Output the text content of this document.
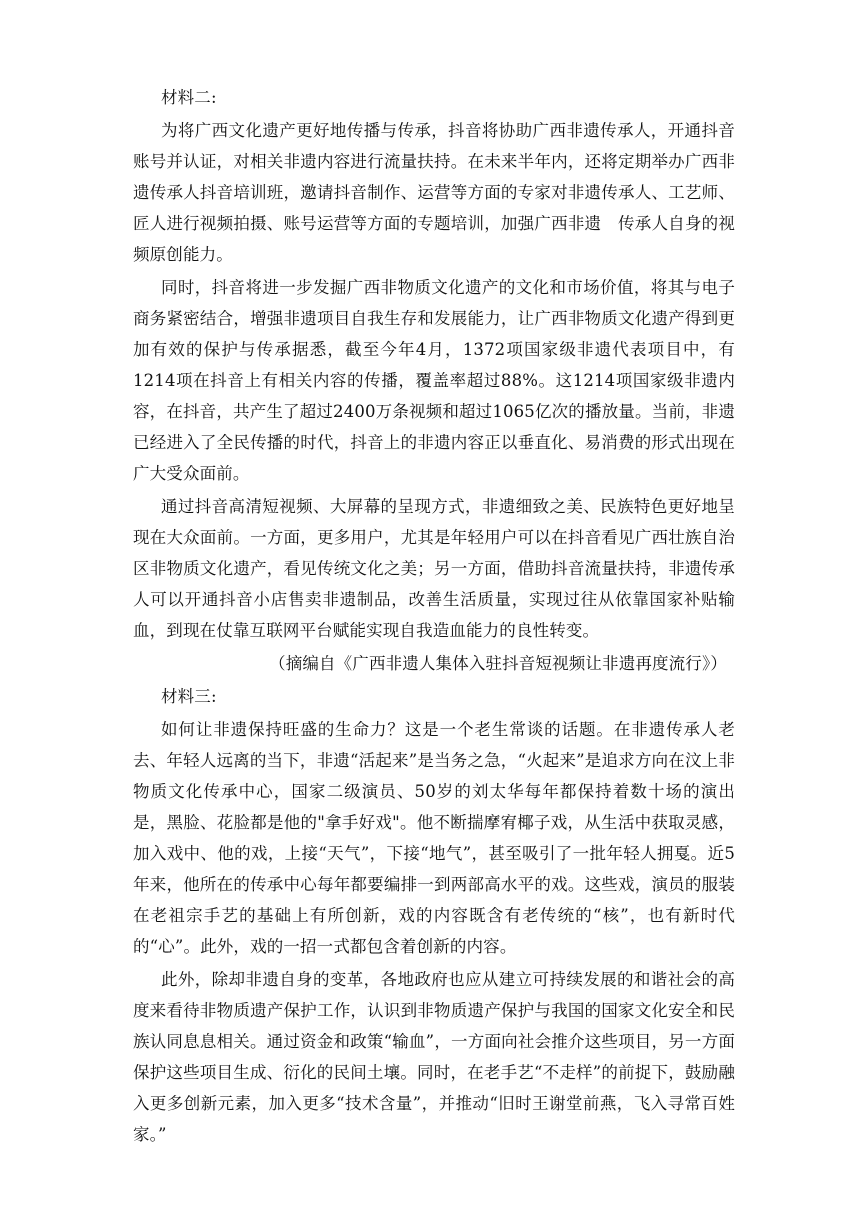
材料二:

为将广西文化遗产更好地传播与传承，抖音将协助广西非遗传承人，开通抖音账号并认证，对相关非遗内容进行流量扶持。在未来半年内，还将定期举办广西非遗传承人抖音培训班，邀请抖音制作、运营等方面的专家对非遗传承人、工艺师、匠人进行视频拍摄、账号运营等方面的专题培训，加强广西非遗　传承人自身的视频原创能力。

同时，抖音将进一步发掘广西非物质文化遗产的文化和市场价值，将其与电子商务紧密结合，增强非遗项目自我生存和发展能力，让广西非物质文化遗产得到更加有效的保护与传承据悉，截至今年4月，1372项国家级非遗代表项目中，有1214项在抖音上有相关内容的传播，覆盖率超过88%。这1214项国家级非遗内容，在抖音，共产生了超过2400万条视频和超过1065亿次的播放量。当前，非遗已经进入了全民传播的时代，抖音上的非遗内容正以垂直化、易消费的形式出现在广大受众面前。

通过抖音高清短视频、大屏幕的呈现方式，非遗细致之美、民族特色更好地呈现在大众面前。一方面，更多用户，尤其是年轻用户可以在抖音看见广西壮族自治区非物质文化遗产，看见传统文化之美；另一方面，借助抖音流量扶持，非遗传承人可以开通抖音小店售卖非遗制品，改善生活质量，实现过往从依靠国家补贴输血，到现在仗靠互联网平台赋能实现自我造血能力的良性转变。

（摘编自《广西非遗人集体入驻抖音短视频让非遗再度流行》）

材料三:

如何让非遗保持旺盛的生命力？这是一个老生常谈的话题。在非遗传承人老去、年轻人远离的当下，非遗“活起来”是当务之急，“火起来”是追求方向在汶上非物质文化传承中心，国家二级演员、50岁的刘太华每年都保持着数十场的演出是，黑脸、花脸都是他的"拿手好戏"。他不断揣摩宥椰子戏，从生活中获取灵感，加入戏中、他的戏，上接“天气”，下接“地气”，甚至吸引了一批年轻人拥戛。近5年来，他所在的传承中心每年都要编排一到两部高水平的戏。这些戏，演员的服装在老祖宗手艺的基础上有所创新，戏的内容既含有老传统的“核”，也有新时代的“心”。此外，戏的一招一式都包含着创新的内容。

此外，除却非遗自身的变革，各地政府也应从建立可持续发展的和谐社会的高度来看待非物质遗产保护工作，认识到非物质遗产保护与我国的国家文化安全和民族认同息息相关。通过资金和政策“输血”，一方面向社会推介这些项目，另一方面保护这些项目生成、衍化的民间土壤。同时，在老手艺“不走样”的前捉下，鼓励融入更多创新元素，加入更多“技术含量”，并推动“旧时王谢堂前燕，飞入寻常百姓家。”
